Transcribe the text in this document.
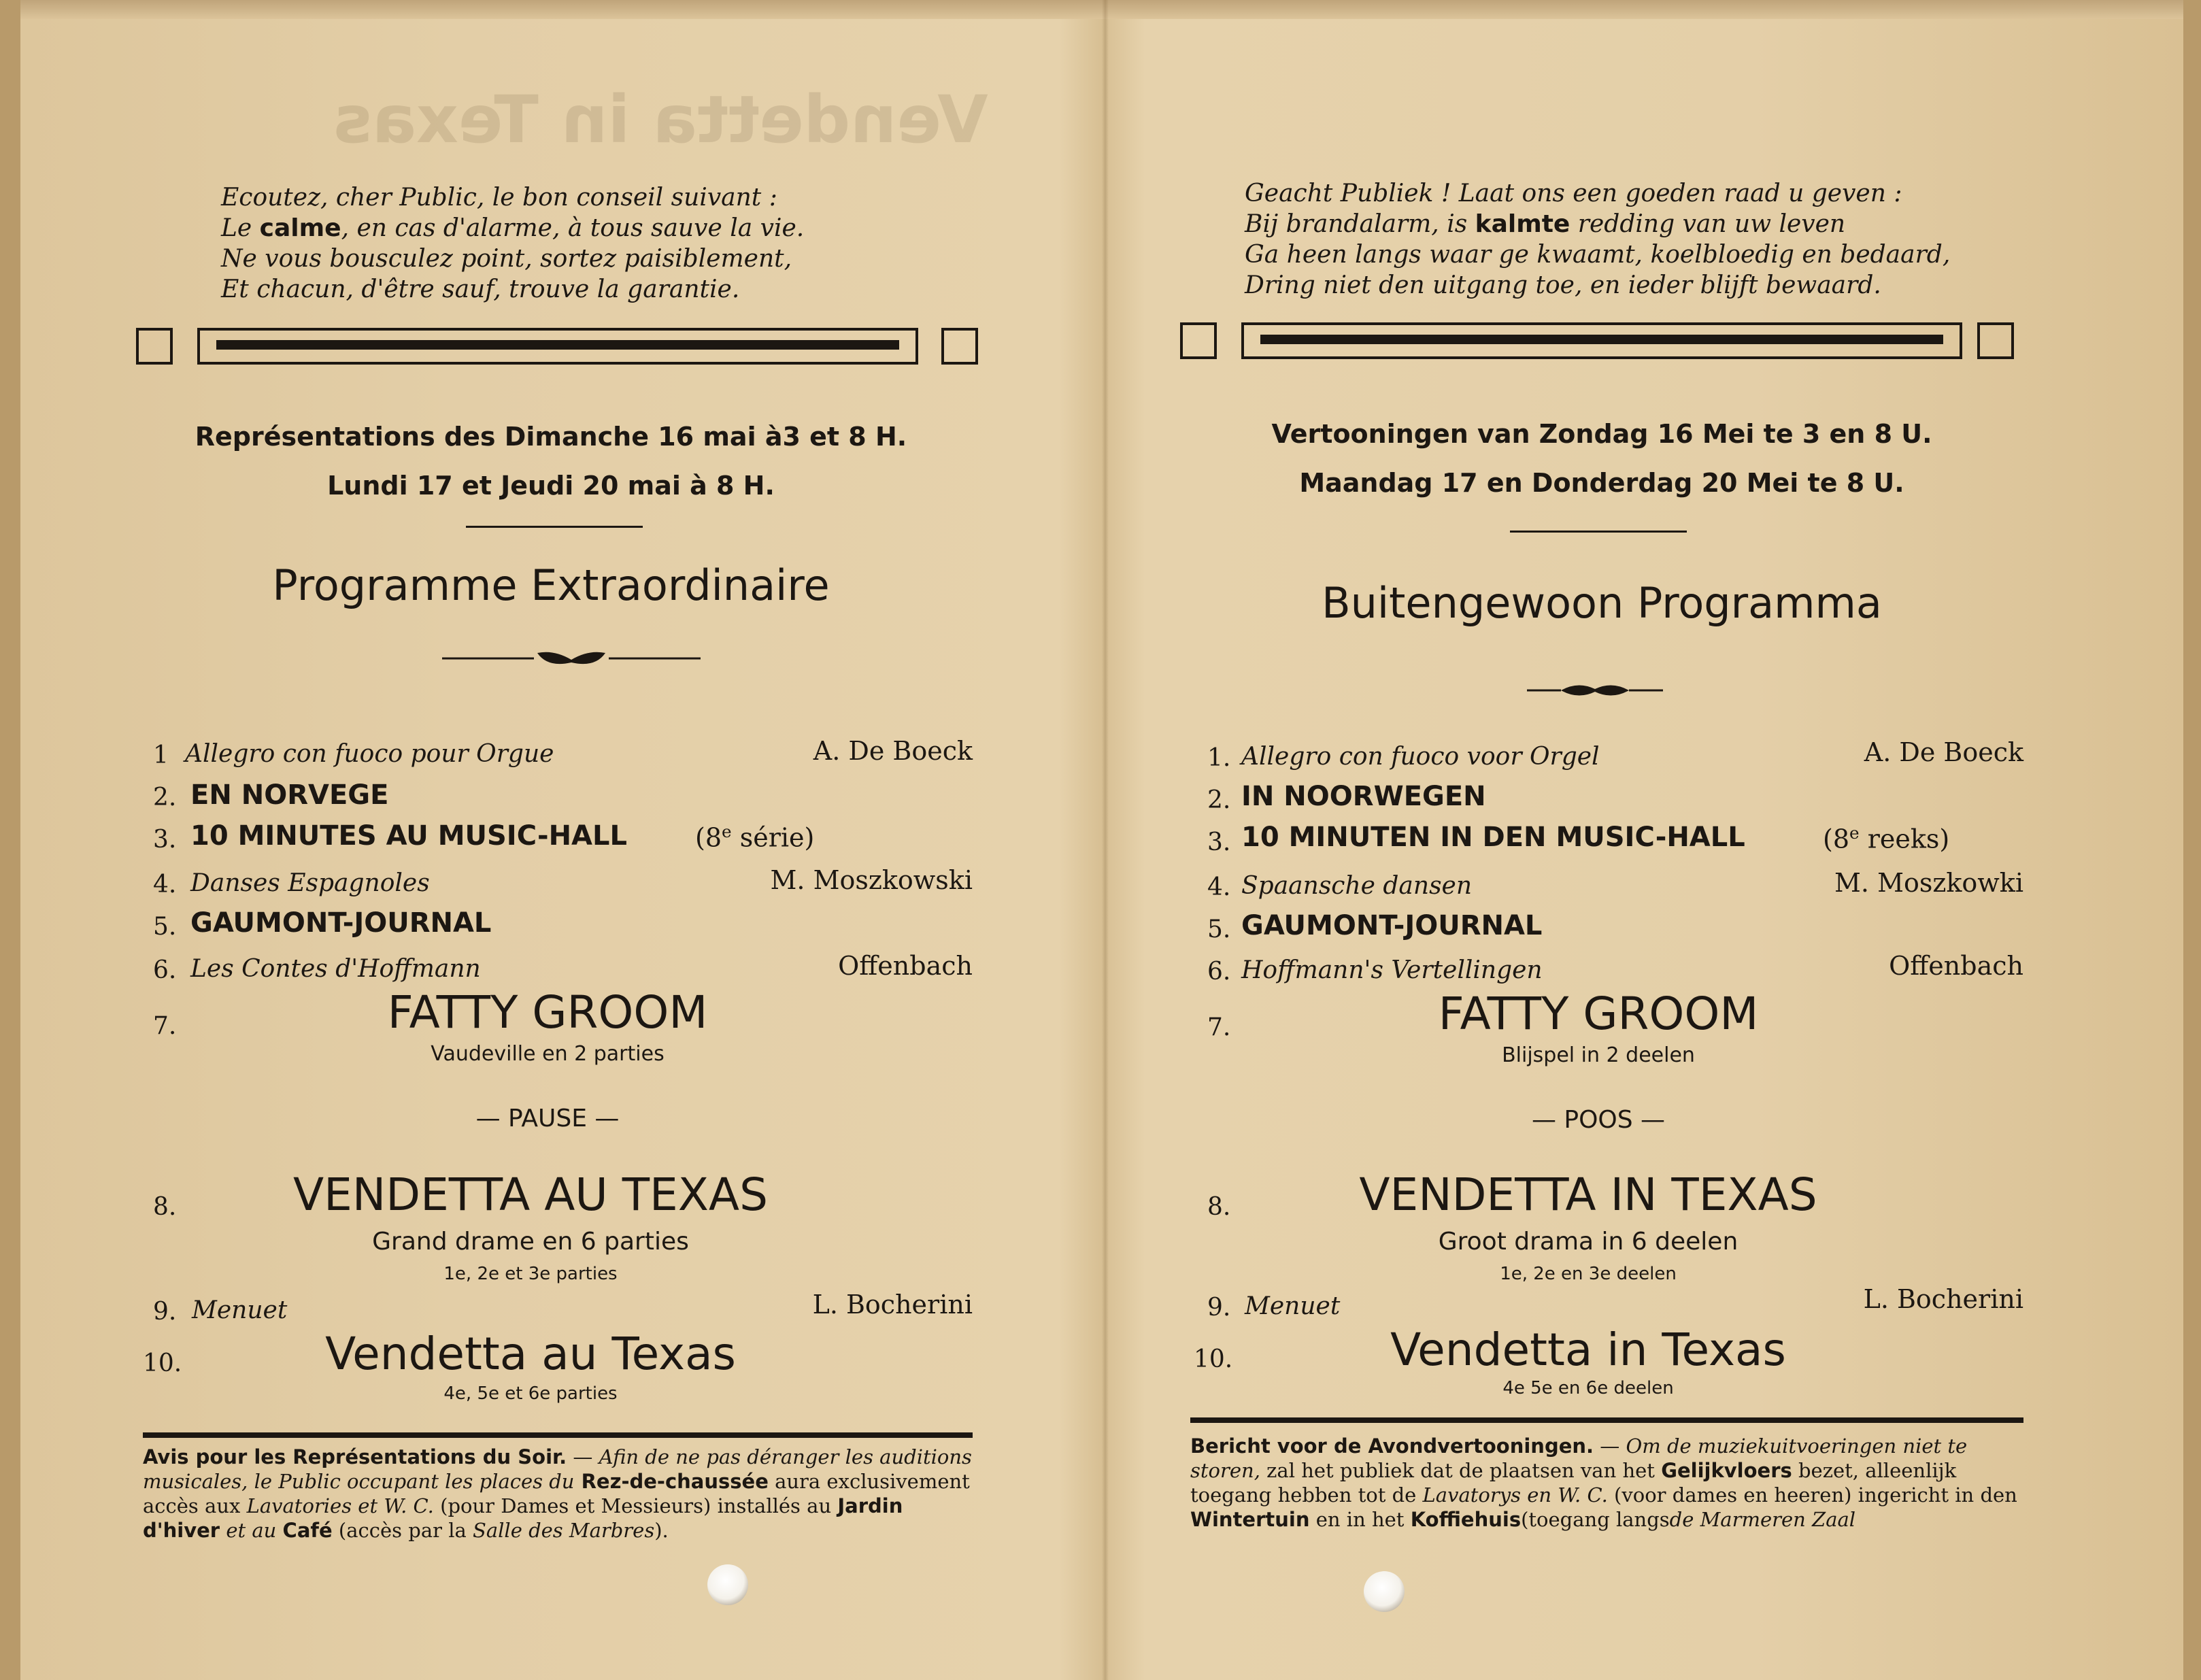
Vendetta in Texas
Ecoutez, cher Public, le bon conseil suivant :
Le calme, en cas d'alarme, à tous sauve la vie.
Ne vous bousculez point, sortez paisiblement,
Et chacun, d'être sauf, trouve la garantie.
Représentations des Dimanche 16 mai à3 et 8 H.
Lundi 17 et Jeudi 20 mai à 8 H.
Programme Extraordinaire
1 Allegro con fuoco pour Orgue	A. De Boeck
2. EN NORVEGE
3. 10 MINUTES AU MUSIC-HALL	(8e série)
4. Danses Espagnoles	M. Moszkowski
5. GAUMONT-JOURNAL
6. Les Contes d'Hoffmann	Offenbach
7.	FATTY GROOM
Vaudeville en 2 parties
— PAUSE —
8.	VENDETTA AU TEXAS
Grand drame en 6 parties
1e, 2e et 3e parties
9. Menuet	L. Bocherini
10.	Vendetta au Texas
4e, 5e et 6e parties
Avis pour les Représentations du Soir. — Afin de ne pas déranger les auditions musicales, le Public occupant les places du Rez-de-chaussée aura exclusivement accès aux Lavatories et W. C. (pour Dames et Messieurs) installés au Jardin d'hiver et au Café (accès par la Salle des Marbres).
Geacht Publiek ! Laat ons een goeden raad u geven :
Bij brandalarm, is kalmte redding van uw leven
Ga heen langs waar ge kwaamt, koelbloedig en bedaard,
Dring niet den uitgang toe, en ieder blijft bewaard.
Vertooningen van Zondag 16 Mei te 3 en 8 U.
Maandag 17 en Donderdag 20 Mei te 8 U.
Buitengewoon Programma
1. Allegro con fuoco voor Orgel	A. De Boeck
2. IN NOORWEGEN
3. 10 MINUTEN IN DEN MUSIC-HALL	(8e reeks)
4. Spaansche dansen	M. Moszkowki
5. GAUMONT-JOURNAL
6. Hoffmann's Vertellingen	Offenbach
7.	FATTY GROOM
Blijspel in 2 deelen
— POOS —
8.	VENDETTA IN TEXAS
Groot drama in 6 deelen
1e, 2e en 3e deelen
9. Menuet	L. Bocherini
10.	Vendetta in Texas
4e 5e en 6e deelen
Bericht voor de Avondvertooningen. — Om de muziekuitvoeringen niet te storen, zal het publiek dat de plaatsen van het Gelijkvloers bezet, alleenlijk toegang hebben tot de Lavatorys en W. C. (voor dames en heeren) ingericht in den Wintertuin en in het Koffiehuis(toegang langsde Marmeren Zaal
